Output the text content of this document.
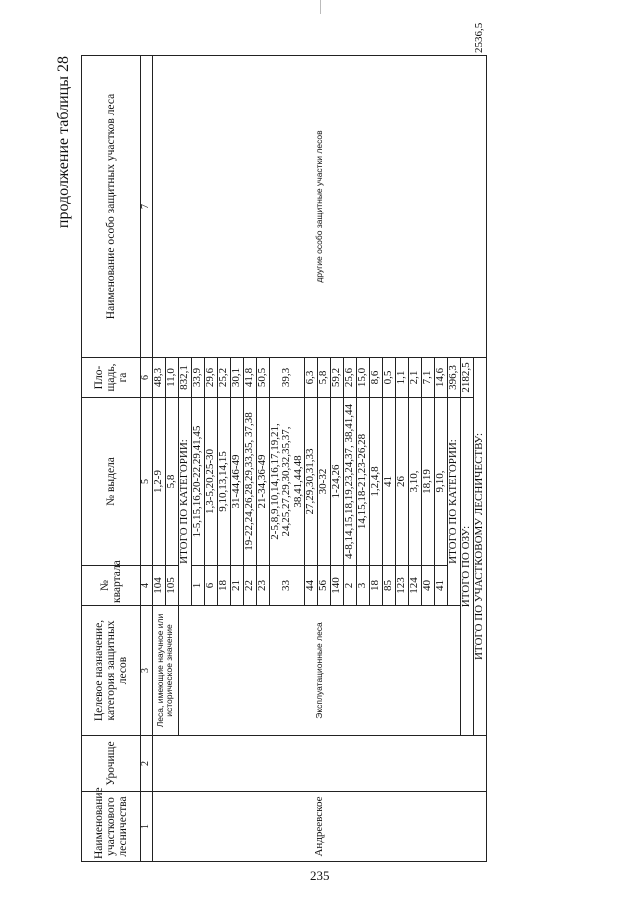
продолжение таблицы 28
Наименование участкового лесничества	Урочище	Целевое назначение, категория защитных лесов	№ квартала	№ выдела	Пло-щадь, га	Наименование особо защитных участков леса	
1	2	3	4	5	6	7	
Андреевское		Леса, имеющие научное или историческое значение	104	1,2-9	48,3	другие особо защитные участки лесов	
			105	5,8	11,0		
		Эксплуатационные леса	ИТОГО ПО КАТЕГОРИИ:		832,1		
			1	1-5,15,16,20-22,29,41,45	33,9		
			6	1,3-5,20,25-30	29,6		
			18	9,10,13,14,15	25,2		
			21	31-44,46-49	30,1		
			22	19-22,24,26,28,29,33,35, 37,38	41,8		
			23	21-34,36-49	50,5		
			33	2-5,8,9,10,14,16,17,19,21, 24,25,27,29,30,32,35,37, 38,41,44,48	39,3		
			44	27,29,30,31,33	6,3		
			56	30-32	5,8		
			140	1-24,26	59,2		
			2	4-8,14,15,18,19,23,24,37, 38,41,44	25,6		
			3	14,15,18-21,23-26,28	15,0		
			18	1,2,4,8	8,6		
			85	41	0,5		
			123	26	1,1		
			124	3,10,	2,1		
			40	18,19	7,1		
			41	9,10,	14,6		
			ИТОГО ПО КАТЕГОРИИ:		396,3		
		ИТОГО ПО ОЗУ:			2182,5		
		ИТОГО ПО УЧАСТКОВОМУ ЛЕСНИЧЕСТВУ:					2536,5	
235
